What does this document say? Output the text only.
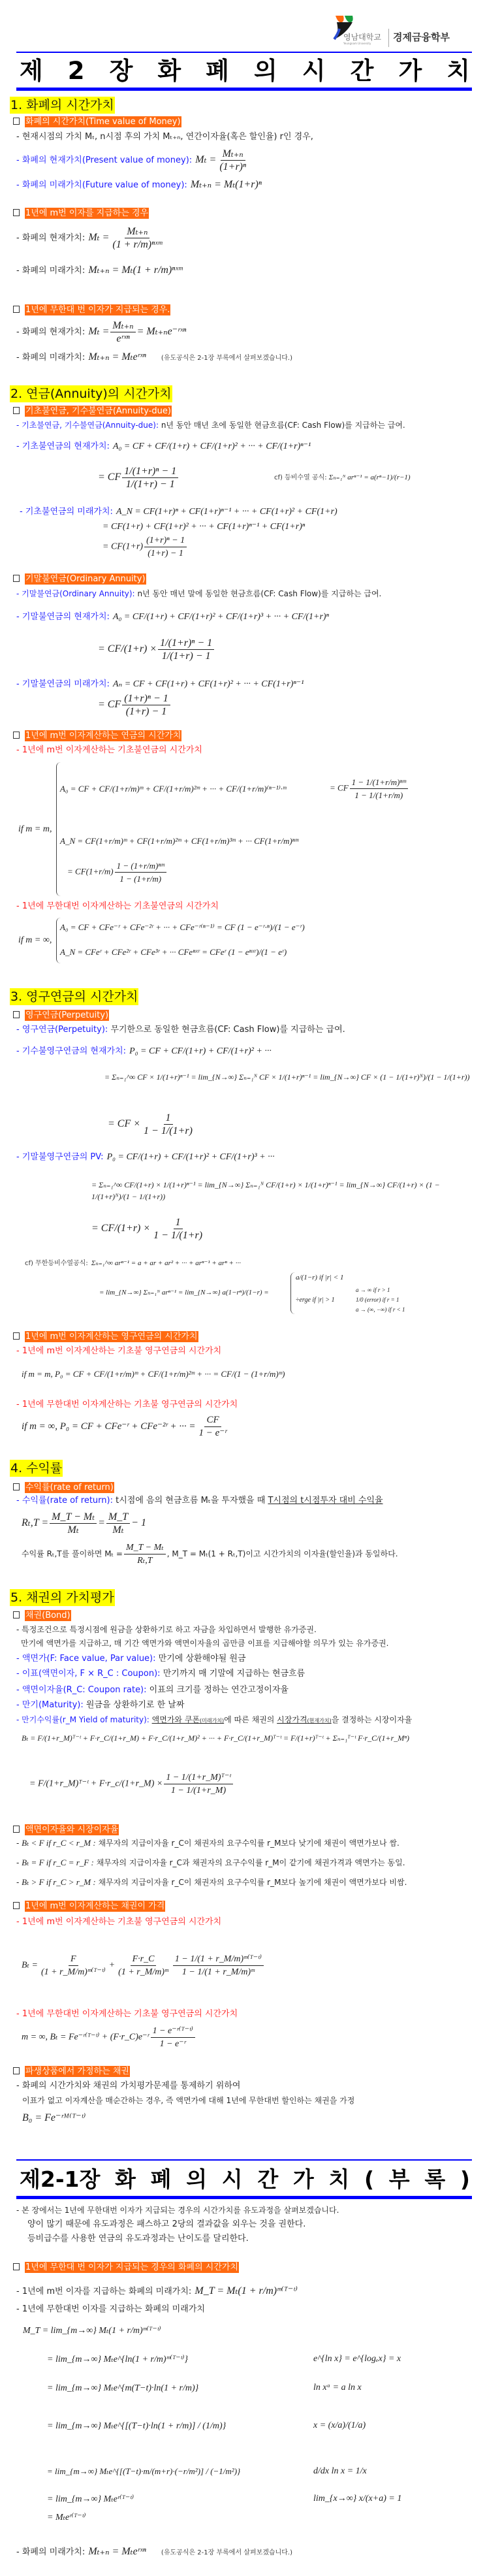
영남대학교
Yeungnam University
경제금융학부
제 2 장 화 폐 의 시 간 가 치
1. 화폐의 시간가치
화폐의 시간가치(Time value of Money)
- 현재시점의 가치 Mₜ, n시점 후의 가치 Mₜ₊ₙ, 연간이자율(혹은 할인율) r인 경우,
- 화폐의 현재가치(Present value of money): $M_t = \frac{\text{Mₜ₊ₙ}}{\text{(1+r)ⁿ}}$
- 화폐의 미래가치(Future value of money): Mₜ₊ₙ = Mₜ(1+r)ⁿ
1년에 m번 이자를 지급하는 경우
- 화폐의 현재가치: $M_t = \frac{\text{Mₜ₊ₙ}}{\text{(1 + r/m)ⁿˣᵐ}}$
- 화폐의 미래가치: Mₜ₊ₙ = Mₜ(1 + r/m)ⁿˣᵐ
1년에 무한대 번 이자가 지급되는 경우.
- 화폐의 현재가치: $M_t = \frac{\text{Mₜ₊ₙ}}{\text{eʳˣⁿ}}$ = Mₜ₊ₙe⁻ʳˣⁿ
- 화폐의 미래가치: Mₜ₊ₙ = Mₜeʳˣⁿ (유도공식은 2-1장 부록에서 살펴보겠습니다.)
2. 연금(Annuity)의 시간가치
기초불연금, 기수불연금(Annuity-due)
- 기초불연금, 기수불연금(Annuity-due): n년 동안 매년 초에 동일한 현금흐름(CF: Cash Flow)를 지급하는 급여.
- 기초불연금의 현재가치: A₀ = CF + CF/(1+r) + CF/(1+r)² + ··· + CF/(1+r)ⁿ⁻¹
cf) 등비수열 공식: Σₙ₌₁ᴺ arⁿ⁻¹ = a(rⁿ−1)/(r−1)
= CF $\frac{\text{1/(1+r)ⁿ − 1}}{1/(1+r) - 1}$
- 기초불연금의 미래가치: A_N = CF(1+r)ⁿ + CF(1+r)ⁿ⁻¹ + ··· + CF(1+r)² + CF(1+r)
= CF(1+r) + CF(1+r)² + ··· + CF(1+r)ⁿ⁻¹ + CF(1+r)ⁿ
= $CF(1+r) \frac{\text{(1+r)ⁿ − 1}}{(1+r) - 1}$
기말불연금(Ordinary Annuity)
- 기말불연금(Ordinary Annuity): n년 동안 매년 말에 동일한 현금흐름(CF: Cash Flow)를 지급하는 급여.
- 기말불연금의 현재가치: A₀ = CF/(1+r) + CF/(1+r)² + CF/(1+r)³ + ··· + CF/(1+r)ⁿ
= $CF/(1+r) \times \frac{\text{1/(1+r)ⁿ − 1}}{1/(1+r) - 1}$
- 기말불연금의 미래가치: Aₙ = CF + CF(1+r) + CF(1+r)² + ··· + CF(1+r)ⁿ⁻¹
= CF $\frac{\text{(1+r)ⁿ − 1}}{(1+r) - 1}$
1년에 m번 이자계산하는 연금의 시간가치
- 1년에 m번 이자계산하는 기초불연금의 시간가치
if m = m,
A₀ = CF + CF/(1+r/m)ᵐ + CF/(1+r/m)²ᵐ + ··· + CF/(1+r/m)⁽ⁿ⁻¹⁾·ᵐ	= CF $\frac{\text{1 − 1/(1+r/m)ⁿᵐ}}{1 - 1/(1+r/m)}$
A_N = CF(1+r/m)ᵐ + CF(1+r/m)²ᵐ + CF(1+r/m)³ᵐ + ··· CF(1+r/m)ⁿᵐ
= $CF(1+r/m) \frac{\text{1 − (1+r/m)ⁿᵐ}}{1 - (1+r/m)}$
- 1년에 무한대번 이자계산하는 기초불연금의 시간가치
if m = ∞,
A₀ = CF + CFe⁻ʳ + CFe⁻²ʳ + ··· + CFe⁻ʳ⁽ⁿ⁻¹⁾ = CF (1 − e⁻ʳ·ⁿ)/(1 − e⁻ʳ)
A_N = CFeʳ + CFe²ʳ + CFe³ʳ + ··· CFeⁿˣʳ = CFeʳ (1 − eⁿˣʳ)/(1 − eʳ)
3. 영구연금의 시간가치
영구연금(Perpetuity)
- 영구연금(Perpetuity): 무기한으로 동일한 현금흐름(CF: Cash Flow)를 지급하는 급여.
- 기수불영구연금의 현재가치: P₀ = CF + CF/(1+r) + CF/(1+r)² + ···
= Σₙ₌₁^∞ CF × 1/(1+r)ⁿ⁻¹ = lim_{N→∞} Σₙ₌₁ᴺ CF × 1/(1+r)ⁿ⁻¹ = lim_{N→∞} CF × (1 − 1/(1+r)ᴺ)/(1 − 1/(1+r))
= CF × $\frac{1}{1 - 1/(1+r)}$
- 기말불영구연금의 PV: P₀ = CF/(1+r) + CF/(1+r)² + CF/(1+r)³ + ···
= Σₙ₌₁^∞ CF/(1+r) × 1/(1+r)ⁿ⁻¹ = lim_{N→∞} Σₙ₌₁ᴺ CF/(1+r) × 1/(1+r)ⁿ⁻¹ = lim_{N→∞} CF/(1+r) × (1 − 1/(1+r)ᴺ)/(1 − 1/(1+r))
= $CF/(1+r) \times \frac{1}{1 - 1/(1+r)}$
cf) 무한등비수열공식: Σₙ₌₁^∞ arⁿ⁻¹ = a + ar + ar² + ··· + arⁿ⁻¹ + arⁿ + ···
= lim_{N→∞} Σₙ₌₁ᴺ arⁿ⁻¹ = lim_{N→∞} a(1−rⁿ)/(1−r) =
a/(1−r) if |r| < 1
÷erge if |r| > 1
a → ∞ if r > 1
1/0 (error) if r = 1
a → (∞, −∞) if r < 1
1년에 m번 이자계산하는 영구연금의 시간가치
- 1년에 m번 이자계산하는 기초불 영구연금의 시간가치
if m = m, P₀ = CF + CF/(1+r/m)ᵐ + CF/(1+r/m)²ᵐ + ··· = CF/(1 − (1+r/m)ᵐ)
- 1년에 무한대번 이자계산하는 기초불 영구연금의 시간가치
if m = ∞, P₀ = CF + CFe⁻ʳ + CFe⁻²ʳ + ··· = $\frac{CF}{\text{1 − e⁻ʳ}}$
4. 수익률
수익률(rate of return)
- 수익률(rate of return): t시점에 음의 현금흐름 Mₜ을 투자했을 때 T시점의 t시점투자 대비 수익율
$R_t,T = \frac{\text{M\_T − Mₜ}}{\text{Mₜ}} = \frac{M\_T}{\text{Mₜ}} - 1$
수익률 Rₜ,T를 풀이하면 $M_t = \frac{\text{M\_T − Mₜ}}{\text{Rₜ,T}}$ , M_T = Mₜ(1 + Rₜ,T)이고 시간가치의 이자율(할인율)과 동일하다.
5. 채권의 가치평가
채권(Bond)
- 특정조건으로 특정시점에 원금을 상환하기로 하고 자금을 차입하면서 발행한 유가증권.
만기에 액면가를 지급하고, 매 기간 액면가와 액면이자율의 곱만큼 이표를 지급해야할 의무가 있는 유가증권.
- 액면가(F: Face value, Par value): 만기에 상환해야될 원금
- 이표(액면이자, F × R_C : Coupon): 만기까지 매 기말에 지급하는 현금흐름
- 액면이자율(R_C: Coupon rate): 이표의 크기를 정하는 연간고정이자율
- 만기(Maturity): 원금을 상환하기로 한 날짜
- 만기수익률(r_M Yield of maturity): 액면가와 쿠폰(미래가치)에 따른 채권의 시장가격(현재가치)을 결정하는 시장이자율
Bₜ = F/(1+r_M)ᵀ⁻ᵗ + F·r_C/(1+r_M) + F·r_C/(1+r_M)² + ··· + F·r_C/(1+r_M)ᵀ⁻ᵗ = F/(1+r)ᵀ⁻ᵗ + Σₙ₌₁ᵀ⁻ᵗ F·r_C/(1+r_Mⁿ)
= F/(1+r_M)ᵀ⁻ᵗ + F·r_c/(1+r_M) × $\frac{\text{1 − 1/(1+r\_M)ᵀ⁻ᵗ}}{1 - 1/(1+r\_M)}$
액면이자율와 시장이자율
- Bₜ < F if r_C < r_M : 채무자의 지급이자율 r_C이 채권자의 요구수익률 r_M보다 낮기에 채권이 액면가보나 쌈.
- Bₜ = F if r_C = r_F : 채무자의 지급이자율 r_C과 채권자의 요구수익률 r_M이 같기에 채권가격과 액면가는 동일.
- Bₜ > F if r_C > r_M : 채무자의 지급이자율 r_C이 채권자의 요구수익률 r_M보다 높기에 채권이 액면가보다 비쌈.
1년에 m번 이자계산하는 채권이 가격
- 1년에 m번 이자계산하는 기초불 영구연금의 시간가치
$B_t = \frac{F}{\text{(1 + r\_M/m)ᵐ⁽ᵀ⁻ᵗ⁾}} + \frac{F\cdot r\_C}{\text{(1 + r\_M/m)ᵐ}} \frac{\text{1 − 1/(1 + r\_M/m)ᵐ⁽ᵀ⁻ᵗ⁾}}{\text{1 − 1/(1 + r\_M/m)ᵐ}}$
- 1년에 무한대번 이자계산하는 기초불 영구연금의 시간가치
m = ∞, Bₜ = Fe⁻ʳ⁽ᵀ⁻ᵗ⁾ + (F·r_C)e⁻ʳ $\frac{\text{1 − e⁻ʳ⁽ᵀ⁻ᵗ⁾}}{\text{1 − e⁻ʳ}}$
파생상품에서 가정하는 채권
- 화폐의 시간가치와 채권의 가치평가문제를 통제하기 위하여
이표가 없고 이자계산을 매순간하는 경우, 즉 액면가에 대해 1년에 무한대번 할인하는 채권을 가정
B₀ = Fe⁻ʳᴹ⁽ᵀ⁻ᵗ⁾
제2-1장 화 폐 의 시 간 가 치 ( 부 록 )
- 본 장에서는 1년에 무한대번 이자가 지급되는 경우의 시간가치를 유도과정을 살펴보겠습니다.
양이 많기 때문에 유도과정은 패스하고 2당의 결과값을 외우는 것을 권한다.
등비급수를 사용한 연금의 유도과정과는 난이도를 달리한다.
1년에 무한대 번 이자가 지급되는 경우의 화폐의 시간가치
- 1년에 m번 이자를 지급하는 화폐의 미래가치: M_T = Mₜ(1 + r/m)ᵐ⁽ᵀ⁻ᵗ⁾
- 1년에 무한대번 이자를 지급하는 화폐의 미래가치
M_T = lim_{m→∞} Mₜ(1 + r/m)ᵐ⁽ᵀ⁻ᵗ⁾
= lim_{m→∞} Mₜe^{ln(1 + r/m)ᵐ⁽ᵀ⁻ᵗ⁾}
= lim_{m→∞} Mₜe^{m(T−t)·ln(1 + r/m)}
= lim_{m→∞} Mₜe^{[(T−t)·ln(1 + r/m)] / (1/m)}
= lim_{m→∞} Mₜe^{[(T−t)·m/(m+r)·(−r/m²)] / (−1/m²)}
= lim_{m→∞} Mₜeʳ⁽ᵀ⁻ᵗ⁾
= Mₜeʳ⁽ᵀ⁻ᵗ⁾
e^{ln x} = e^{logₑx} = x
ln xᵃ = a ln x
x = (x/a)/(1/a)
d/dx ln x = 1/x
lim_{x→∞} x/(x+a) = 1
- 화폐의 미래가치: Mₜ₊ₙ = Mₜeʳˣⁿ (유도공식은 2-1장 부록에서 살펴보겠습니다.)
